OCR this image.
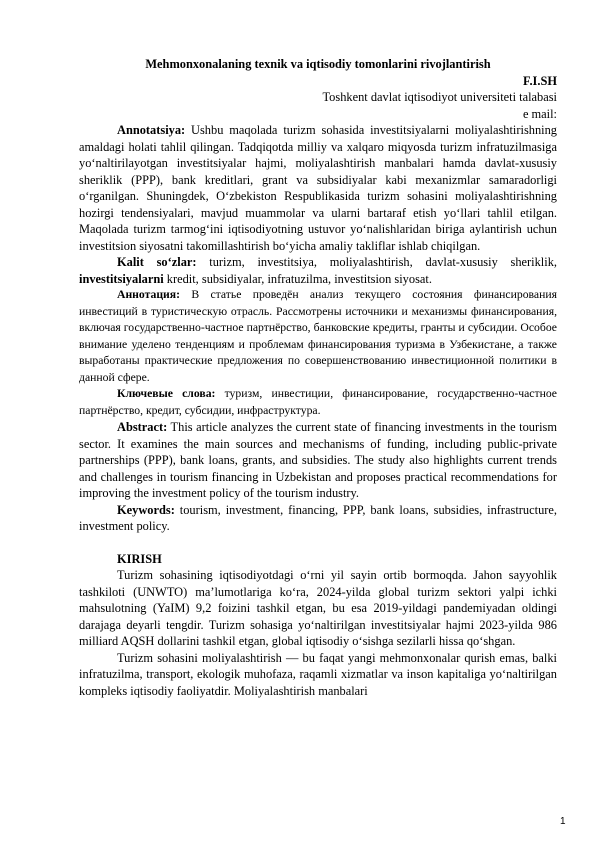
Mehmonxonalaning texnik va iqtisodiy tomonlarini rivojlantirish

F.I.SH

Toshkent davlat iqtisodiyot universiteti talabasi

e mail:

Annotatsiya: Ushbu maqolada turizm sohasida investitsiyalarni moliyalashtirishning amaldagi holati tahlil qilingan. Tadqiqotda milliy va xalqaro miqyosda turizm infratuzilmasiga yo‘naltirilayotgan investitsiyalar hajmi, moliyalashtirish manbalari hamda davlat-xususiy sheriklik (PPP), bank kreditlari, grant va subsidiyalar kabi mexanizmlar samaradorligi o‘rganilgan. Shuningdek, O‘zbekiston Respublikasida turizm sohasini moliyalashtirishning hozirgi tendensiyalari, mavjud muammolar va ularni bartaraf etish yo‘llari tahlil etilgan. Maqolada turizm tarmog‘ini iqtisodiyotning ustuvor yo‘nalishlaridan biriga aylantirish uchun investitsion siyosatni takomillashtirish bo‘yicha amaliy takliflar ishlab chiqilgan.

Kalit so‘zlar: turizm, investitsiya, moliyalashtirish, davlat-xususiy sheriklik, investitsiyalarni kredit, subsidiyalar, infratuzilma, investitsion siyosat.

Аннотация: В статье проведён анализ текущего состояния финансирования инвестиций в туристическую отрасль. Рассмотрены источники и механизмы финансирования, включая государственно-частное партнёрство, банковские кредиты, гранты и субсидии. Особое внимание уделено тенденциям и проблемам финансирования туризма в Узбекистане, а также выработаны практические предложения по совершенствованию инвестиционной политики в данной сфере.

Ключевые слова: туризм, инвестиции, финансирование, государственно-частное партнёрство, кредит, субсидии, инфраструктура.

Abstract: This article analyzes the current state of financing investments in the tourism sector. It examines the main sources and mechanisms of funding, including public-private partnerships (PPP), bank loans, grants, and subsidies. The study also highlights current trends and challenges in tourism financing in Uzbekistan and proposes practical recommendations for improving the investment policy of the tourism industry.

Keywords: tourism, investment, financing, PPP, bank loans, subsidies, infrastructure, investment policy.

KIRISH

Turizm sohasining iqtisodiyotdagi o‘rni yil sayin ortib bormoqda. Jahon sayyohlik tashkiloti (UNWTO) ma’lumotlariga ko‘ra, 2024-yilda global turizm sektori yalpi ichki mahsulotning (YaIM) 9,2 foizini tashkil etgan, bu esa 2019-yildagi pandemiyadan oldingi darajaga deyarli tengdir. Turizm sohasiga yo‘naltirilgan investitsiyalar hajmi 2023-yilda 986 milliard AQSH dollarini tashkil etgan, global iqtisodiy o‘sishga sezilarli hissa qo‘shgan.

Turizm sohasini moliyalashtirish — bu faqat yangi mehmonxonalar qurish emas, balki infratuzilma, transport, ekologik muhofaza, raqamli xizmatlar va inson kapitaliga yo‘naltirilgan kompleks iqtisodiy faoliyatdir. Moliyalashtirish manbalari

1
